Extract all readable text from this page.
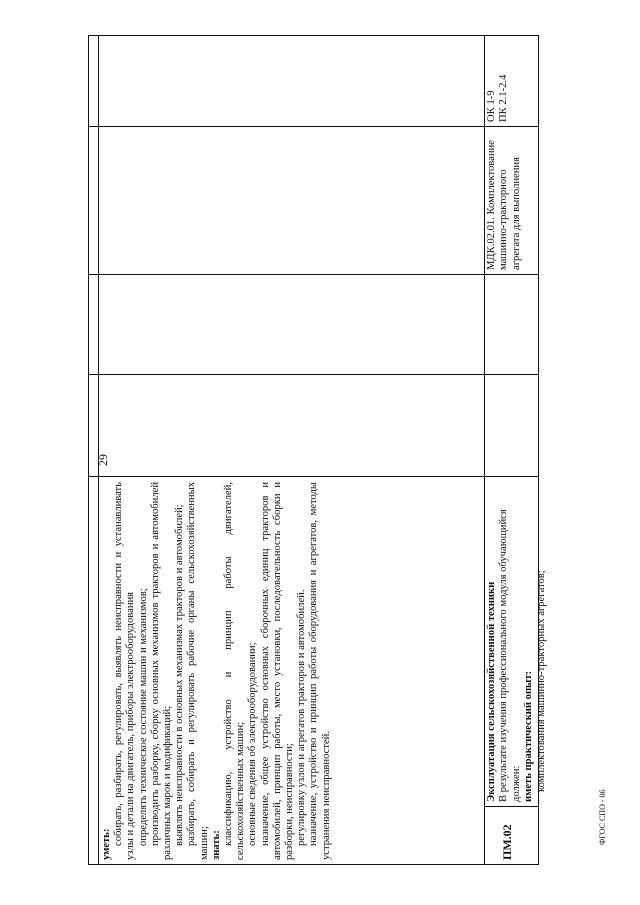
29
ФГОС СПО - 06

уметь: собирать, разбирать, регулировать, выявлять неисправности и устанавливать узлы и детали на двигатель, приборы электрооборудования определять техническое состояние машин и механизмов; производить разборку, сборку основных механизмов тракторов и автомобилей различных марок и модификаций; выявлять неисправности в основных механизмах тракторов и автомобилей; разбирать, собирать и регулировать рабочие органы сельскохозяйственных машин; знать: классификацию, устройство и принцип работы двигателей, сельскохозяйственных машин; основные сведения об электрооборудовании; назначение, общее устройство основных сборочных единиц тракторов и автомобилей, принцип работы, место установки, последовательность сборки и разборки, неисправности; регулировку узлов и агрегатов тракторов и автомобилей. назначение, устройство и принцип работы оборудования и агрегатов, методы устранения неисправностей.	ПМ.02
Эксплуатация сельскохозяйственной техники В результате изучения профессионального модуля обучающийся должен: иметь практический опыт: комплектования машинно-тракторных агрегатов;
МДК.02.01. Комплектование машинно-тракторного агрегата для выполнения
ОК 1-9 ПК 2.1-2.4
